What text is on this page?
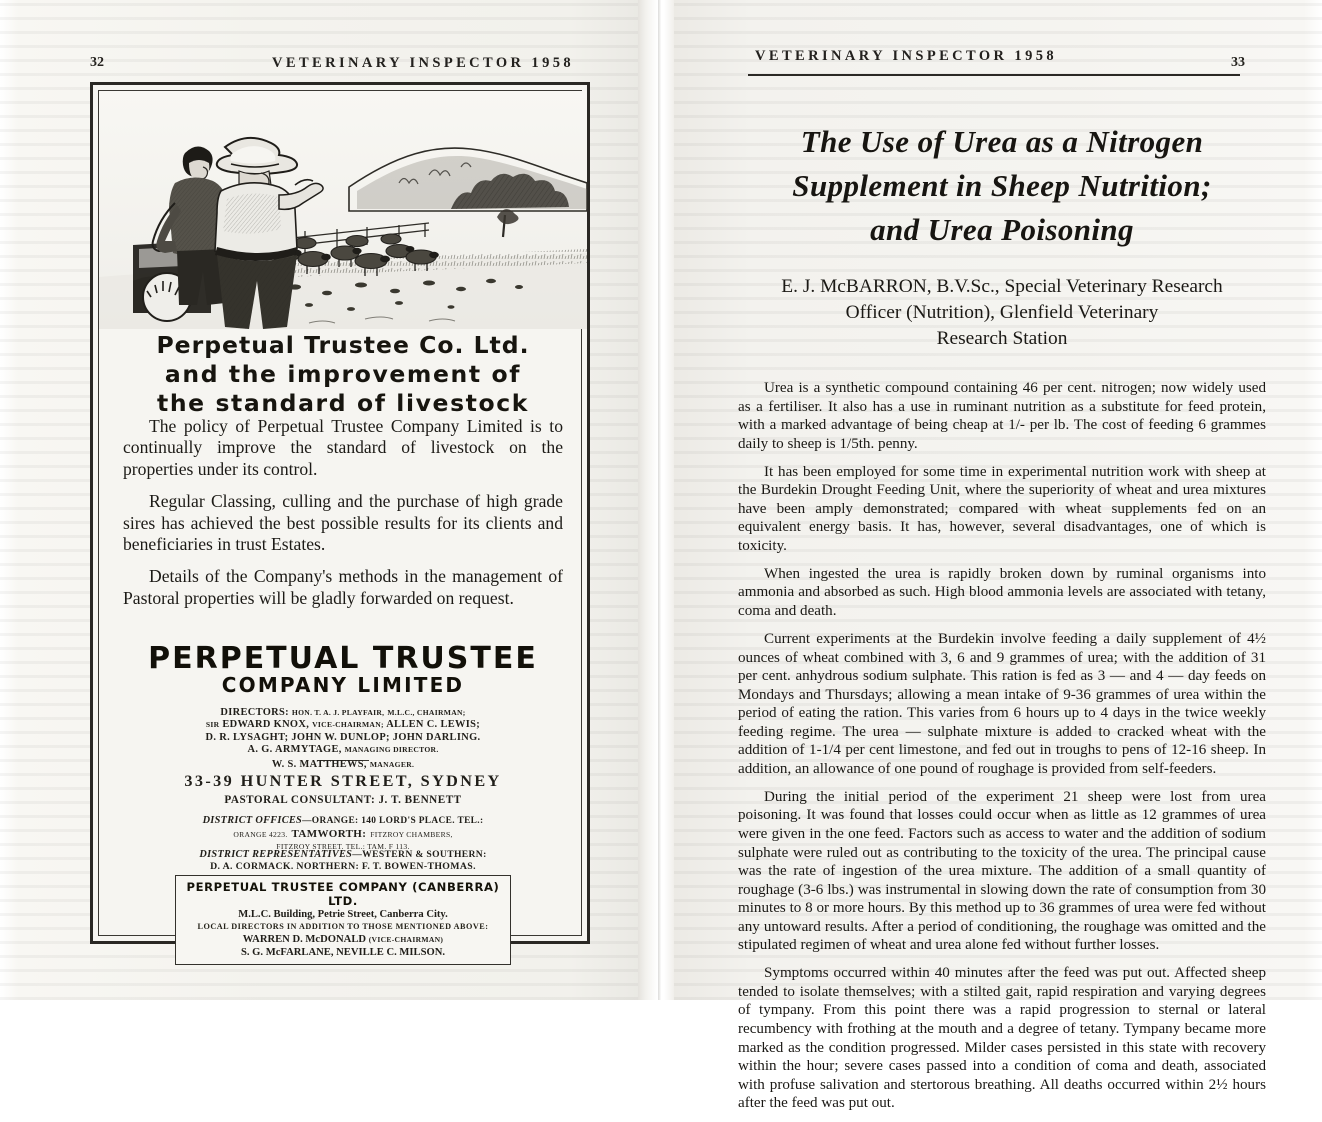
32	VETERINARY INSPECTOR 1958	VETERINARY INSPECTOR 1958	33
Perpetual Trustee Co. Ltd.
and the improvement of
the standard of livestock

The policy of Perpetual Trustee Company Limited is to continually improve the standard of livestock on the properties under its control.

Regular Classing, culling and the purchase of high grade sires has achieved the best possible results for its clients and beneficiaries in trust Estates.

Details of the Company's methods in the management of Pastoral properties will be gladly forwarded on request.

PERPETUAL TRUSTEE
COMPANY LIMITED
DIRECTORS: HON. T. A. J. PLAYFAIR, M.L.C., CHAIRMAN;
SIR EDWARD KNOX, VICE-CHAIRMAN; ALLEN C. LEWIS;
D. R. LYSAGHT; JOHN W. DUNLOP; JOHN DARLING.
A. G. ARMYTAGE, MANAGING DIRECTOR.
W. S. MATTHEWS, MANAGER.
33-39 HUNTER STREET, SYDNEY
PASTORAL CONSULTANT: J. T. BENNETT
DISTRICT OFFICES—ORANGE: 140 LORD'S PLACE. TEL.:
ORANGE 4223. TAMWORTH: FITZROY CHAMBERS,
FITZROY STREET. TEL.: TAM. F 113.
DISTRICT REPRESENTATIVES—WESTERN & SOUTHERN:
D. A. CORMACK. NORTHERN: F. T. BOWEN-THOMAS.
PERPETUAL TRUSTEE COMPANY (CANBERRA) LTD.
M.L.C. Building, Petrie Street, Canberra City.
LOCAL DIRECTORS IN ADDITION TO THOSE MENTIONED ABOVE:
WARREN D. McDONALD (VICE-CHAIRMAN)
S. G. McFARLANE, NEVILLE C. MILSON.
The Use of Urea as a Nitrogen
Supplement in Sheep Nutrition;
and Urea Poisoning
E. J. McBARRON, B.V.Sc., Special Veterinary Research
Officer (Nutrition), Glenfield Veterinary
Research Station

Urea is a synthetic compound containing 46 per cent. nitrogen; now widely used as a fertiliser. It also has a use in ruminant nutrition as a substitute for feed protein, with a marked advantage of being cheap at 1/- per lb. The cost of feeding 6 grammes daily to sheep is 1/5th. penny.

It has been employed for some time in experimental nutrition work with sheep at the Burdekin Drought Feeding Unit, where the superiority of wheat and urea mixtures have been amply demonstrated; compared with wheat supplements fed on an equivalent energy basis. It has, however, several disadvantages, one of which is toxicity.

When ingested the urea is rapidly broken down by ruminal organisms into ammonia and absorbed as such. High blood ammonia levels are associated with tetany, coma and death.

Current experiments at the Burdekin involve feeding a daily supplement of 4½ ounces of wheat combined with 3, 6 and 9 grammes of urea; with the addition of 31 per cent. anhydrous sodium sulphate. This ration is fed as 3 — and 4 — day feeds on Mondays and Thursdays; allowing a mean intake of 9-36 grammes of urea within the period of eating the ration. This varies from 6 hours up to 4 days in the twice weekly feeding regime. The urea — sulphate mixture is added to cracked wheat with the addition of 1-1/4 per cent limestone, and fed out in troughs to pens of 12-16 sheep. In addition, an allowance of one pound of roughage is provided from self-feeders.

During the initial period of the experiment 21 sheep were lost from urea poisoning. It was found that losses could occur when as little as 12 grammes of urea were given in the one feed. Factors such as access to water and the addition of sodium sulphate were ruled out as contributing to the toxicity of the urea. The principal cause was the rate of ingestion of the urea mixture. The addition of a small quantity of roughage (3-6 lbs.) was instrumental in slowing down the rate of consumption from 30 minutes to 8 or more hours. By this method up to 36 grammes of urea were fed without any untoward results. After a period of conditioning, the roughage was omitted and the stipulated regimen of wheat and urea alone fed without further losses.

Symptoms occurred within 40 minutes after the feed was put out. Affected sheep tended to isolate themselves; with a stilted gait, rapid respiration and varying degrees of tympany. From this point there was a rapid progression to sternal or lateral recumbency with frothing at the mouth and a degree of tetany. Tympany became more marked as the condition progressed. Milder cases persisted in this state with recovery within the hour; severe cases passed into a condition of coma and death, associated with profuse salivation and stertorous breathing. All deaths occurred within 2½ hours after the feed was put out.
